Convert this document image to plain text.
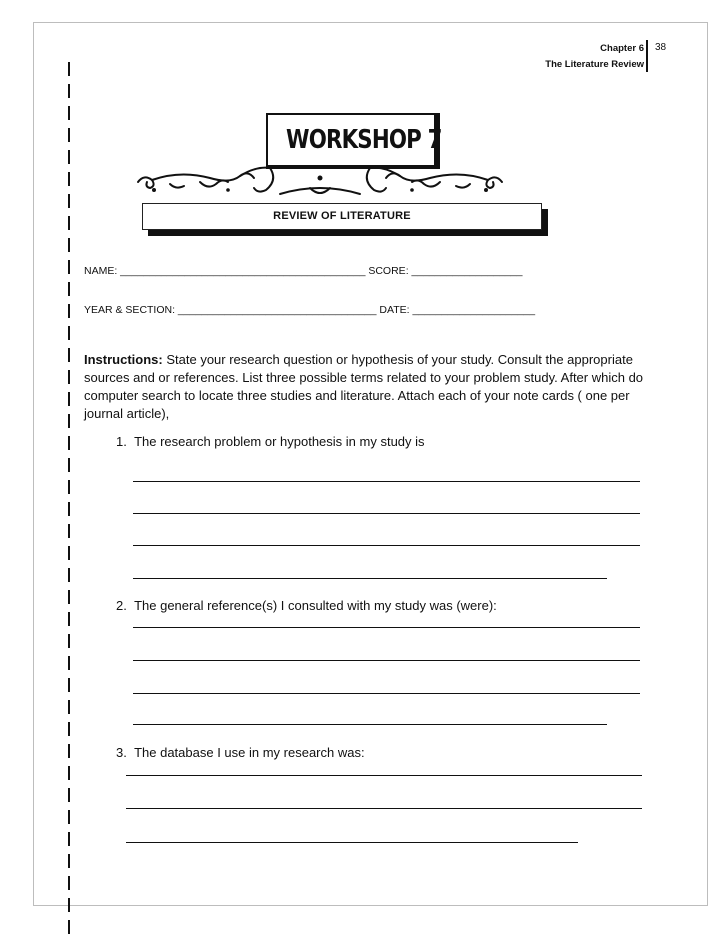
Chapter 6
The Literature Review
38
WORKSHOP 7
REVIEW OF LITERATURE
NAME: __________________________________________ SCORE: ___________________
YEAR & SECTION: __________________________________ DATE: _____________________
Instructions: State your research question or hypothesis of your study. Consult the appropriate sources and or references. List three possible terms related to your problem study. After which do computer search to locate three studies and literature. Attach each of your note cards ( one per journal article),
1. The research problem or hypothesis in my study is
2. The general reference(s) I consulted with my study was (were):
3. The database I use in my research was:
